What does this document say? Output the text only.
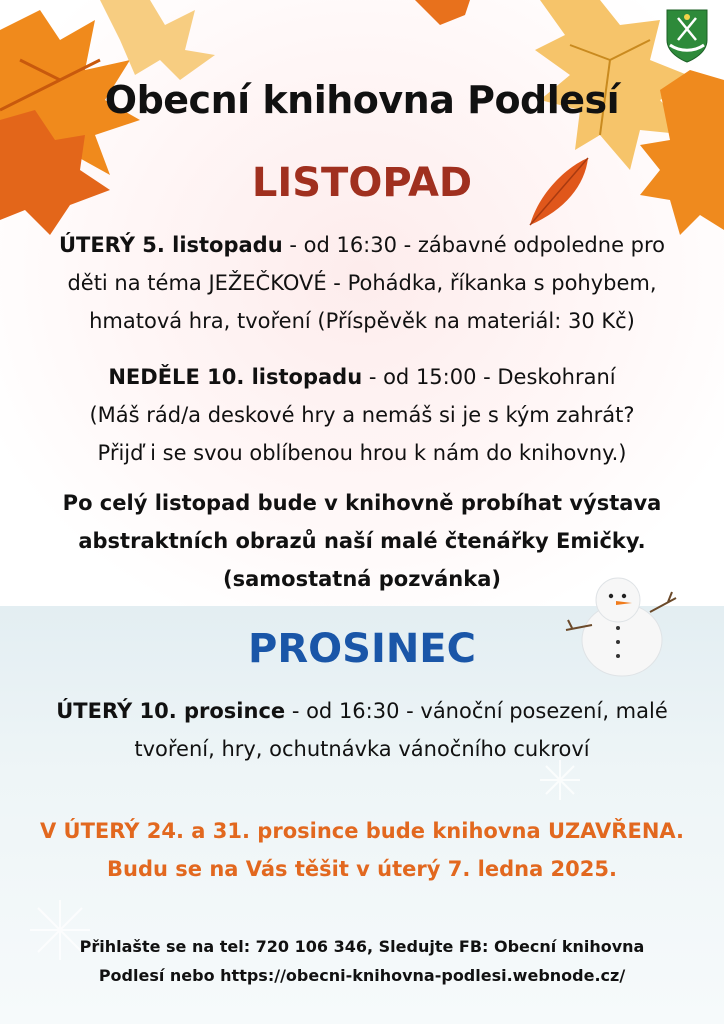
Obecní knihovna Podlesí

LISTOPAD

ÚTERÝ 5. listopadu - od 16:30 - zábavné odpoledne pro
děti na téma JEŽEČKOVÉ - Pohádka, říkanka s pohybem,
hmatová hra, tvoření (Příspěvěk na materiál: 30 Kč)
NEDĚLE 10. listopadu - od 15:00 - Deskohraní
(Máš rád/a deskové hry a nemáš si je s kým zahrát?
Přijď i se svou oblíbenou hrou k nám do knihovny.)
Po celý listopad bude v knihovně probíhat výstava
abstraktních obrazů naší malé čtenářky Emičky.
(samostatná pozvánka)

PROSINEC

ÚTERÝ 10. prosince - od 16:30 - vánoční posezení, malé
tvoření, hry, ochutnávka vánočního cukroví
V ÚTERÝ 24. a 31. prosince bude knihovna UZAVŘENA.
Budu se na Vás těšit v úterý 7. ledna 2025.
Přihlašte se na tel: 720 106 346, Sledujte FB: Obecní knihovna
Podlesí nebo https://obecni-knihovna-podlesi.webnode.cz/
